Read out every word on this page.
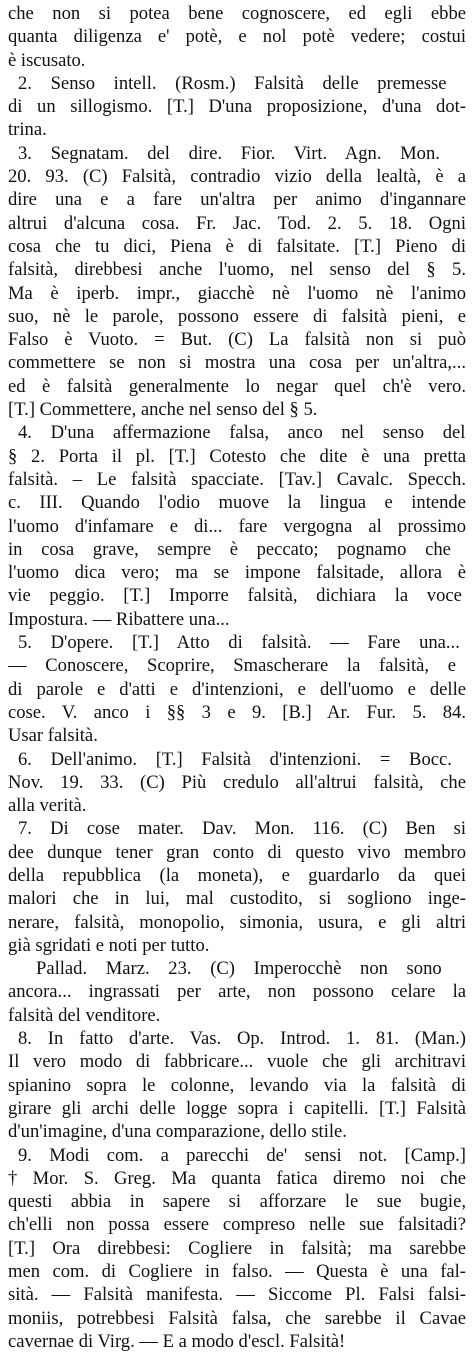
che non si potea bene cognoscere, ed egli ebbe
quanta diligenza e' potè, e nol potè vedere; costui
è iscusato.
2. Senso intell. (Rosm.) Falsità delle premesse
di un sillogismo. [T.] D'una proposizione, d'una dot-
trina.
3. Segnatam. del dire. Fior. Virt. Agn. Mon.
20. 93. (C) Falsità, contradio vizio della lealtà, è a
dire una e a fare un'altra per animo d'ingannare
altrui d'alcuna cosa. Fr. Jac. Tod. 2. 5. 18. Ogni
cosa che tu dici, Piena è di falsitate. [T.] Pieno di
falsità, direbbesi anche l'uomo, nel senso del § 5.
Ma è iperb. impr., giacchè nè l'uomo nè l'animo
suo, nè le parole, possono essere di falsità pieni, e
Falso è Vuoto. = But. (C) La falsità non si può
commettere se non si mostra una cosa per un'altra,...
ed è falsità generalmente lo negar quel ch'è vero.
[T.] Commettere, anche nel senso del § 5.
4. D'una affermazione falsa, anco nel senso del
§ 2. Porta il pl. [T.] Cotesto che dite è una pretta
falsità. – Le falsità spacciate. [Tav.] Cavalc. Specch.
c. III. Quando l'odio muove la lingua e intende
l'uomo d'infamare e di... fare vergogna al prossimo
in cosa grave, sempre è peccato; pognamo che
l'uomo dica vero; ma se impone falsitade, allora è
vie peggio. [T.] Imporre falsità, dichiara la voce
Impostura. — Ribattere una...
5. D'opere. [T.] Atto di falsità. — Fare una...
— Conoscere, Scoprire, Smascherare la falsità, e
di parole e d'atti e d'intenzioni, e dell'uomo e delle
cose. V. anco i §§ 3 e 9. [B.] Ar. Fur. 5. 84.
Usar falsità.
6. Dell'animo. [T.] Falsità d'intenzioni. = Bocc.
Nov. 19. 33. (C) Più credulo all'altrui falsità, che
alla verità.
7. Di cose mater. Dav. Mon. 116. (C) Ben si
dee dunque tener gran conto di questo vivo membro
della repubblica (la moneta), e guardarlo da quei
malori che in lui, mal custodito, si sogliono inge-
nerare, falsità, monopolio, simonia, usura, e gli altri
già sgridati e noti per tutto.
Pallad. Marz. 23. (C) Imperocchè non sono
ancora... ingrassati per arte, non possono celare la
falsità del venditore.
8. In fatto d'arte. Vas. Op. Introd. 1. 81. (Man.)
Il vero modo di fabbricare... vuole che gli architravi
spianino sopra le colonne, levando via la falsità di
girare gli archi delle logge sopra i capitelli. [T.] Falsità
d'un'imagine, d'una comparazione, dello stile.
9. Modi com. a parecchi de' sensi not. [Camp.]
† Mor. S. Greg. Ma quanta fatica diremo noi che
questi abbia in sapere si afforzare le sue bugie,
ch'elli non possa essere compreso nelle sue falsitadi?
[T.] Ora direbbesi: Cogliere in falsità; ma sarebbe
men com. di Cogliere in falso. — Questa è una fal-
sità. — Falsità manifesta. — Siccome Pl. Falsi falsi-
moniis, potrebbesi Falsità falsa, che sarebbe il Cavae
cavernae di Virg. — E a modo d'escl. Falsità!
